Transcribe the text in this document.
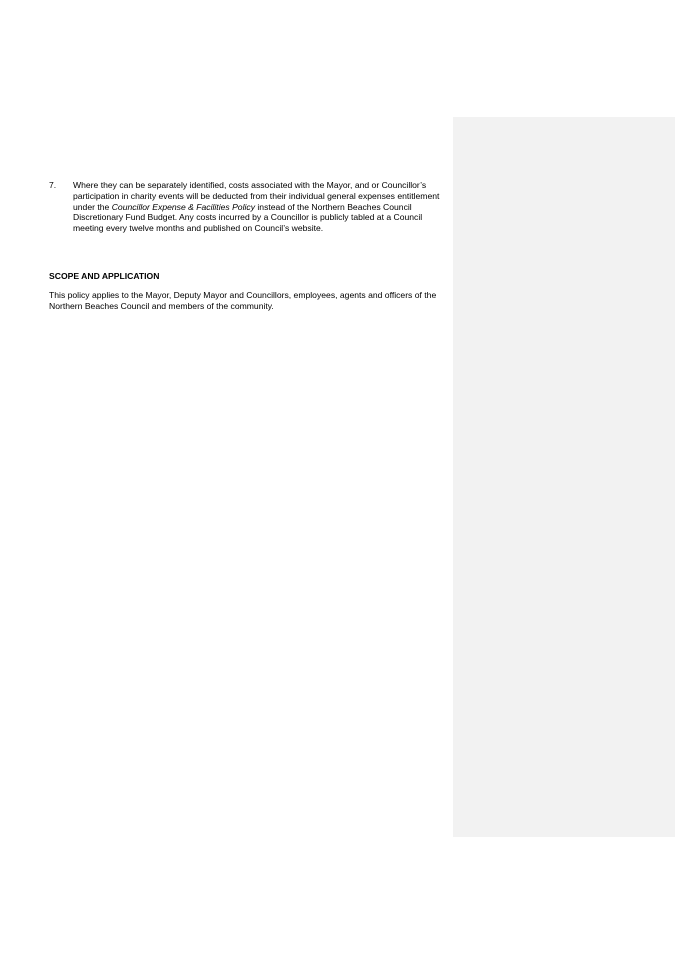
7. Where they can be separately identified, costs associated with the Mayor, and or Councillor’s participation in charity events will be deducted from their individual general expenses entitlement under the Councillor Expense & Facilities Policy instead of the Northern Beaches Council Discretionary Fund Budget. Any costs incurred by a Councillor is publicly tabled at a Council meeting every twelve months and published on Council’s website.
SCOPE AND APPLICATION
This policy applies to the Mayor, Deputy Mayor and Councillors, employees, agents and officers of the Northern Beaches Council and members of the community.
